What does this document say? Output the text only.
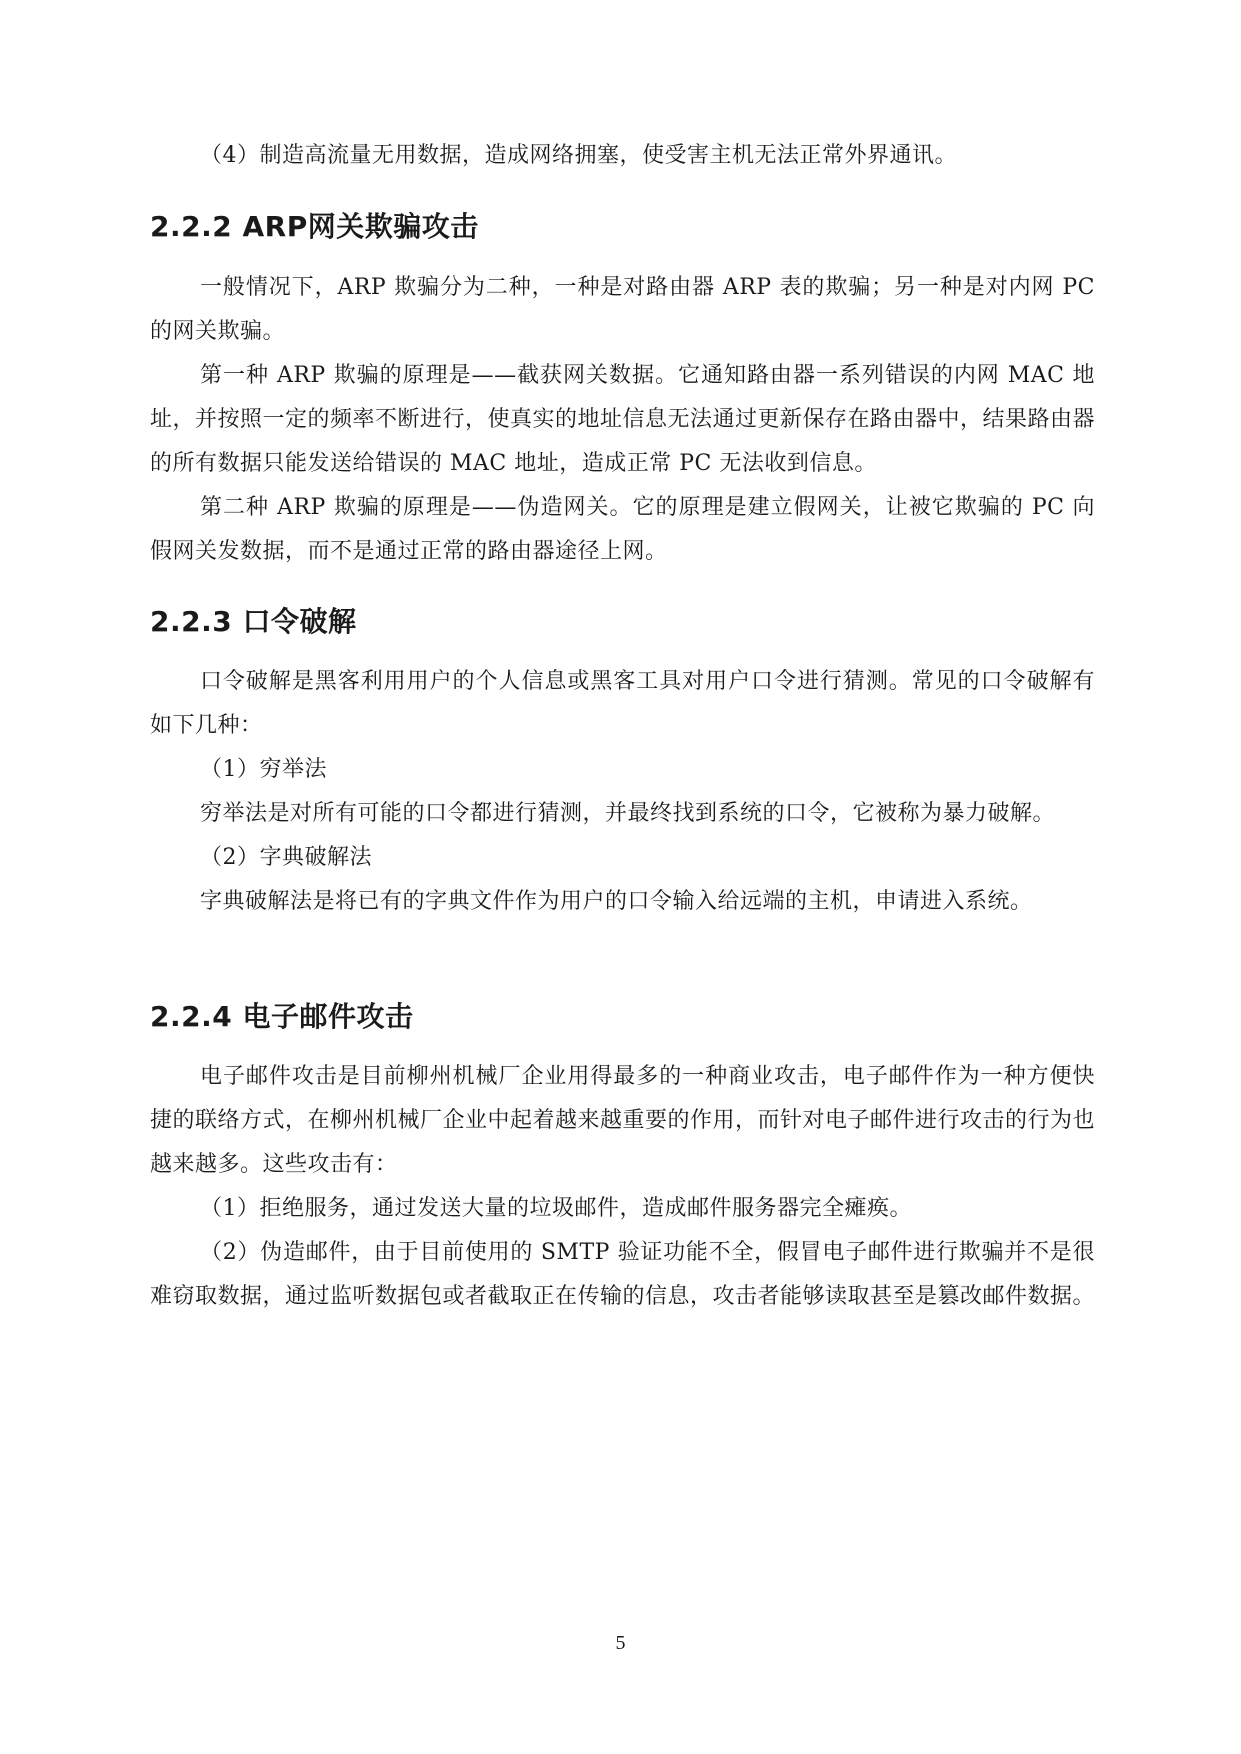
（4）制造高流量无用数据，造成网络拥塞，使受害主机无法正常外界通讯。

2.2.2 ARP网关欺骗攻击

一般情况下，ARP 欺骗分为二种，一种是对路由器 ARP 表的欺骗；另一种是对内网 PC 的网关欺骗。

第一种 ARP 欺骗的原理是——截获网关数据。它通知路由器一系列错误的内网 MAC 地址，并按照一定的频率不断进行，使真实的地址信息无法通过更新保存在路由器中，结果路由器的所有数据只能发送给错误的 MAC 地址，造成正常 PC 无法收到信息。

第二种 ARP 欺骗的原理是——伪造网关。它的原理是建立假网关，让被它欺骗的 PC 向假网关发数据，而不是通过正常的路由器途径上网。

2.2.3 口令破解

口令破解是黑客利用用户的个人信息或黑客工具对用户口令进行猜测。常见的口令破解有如下几种：

（1）穷举法

穷举法是对所有可能的口令都进行猜测，并最终找到系统的口令，它被称为暴力破解。

（2）字典破解法

字典破解法是将已有的字典文件作为用户的口令输入给远端的主机，申请进入系统。

2.2.4 电子邮件攻击

电子邮件攻击是目前柳州机械厂企业用得最多的一种商业攻击，电子邮件作为一种方便快捷的联络方式，在柳州机械厂企业中起着越来越重要的作用，而针对电子邮件进行攻击的行为也越来越多。这些攻击有：

（1）拒绝服务，通过发送大量的垃圾邮件，造成邮件服务器完全瘫痪。

（2）伪造邮件，由于目前使用的 SMTP 验证功能不全，假冒电子邮件进行欺骗并不是很难窃取数据，通过监听数据包或者截取正在传输的信息，攻击者能够读取甚至是篡改邮件数据。

5
